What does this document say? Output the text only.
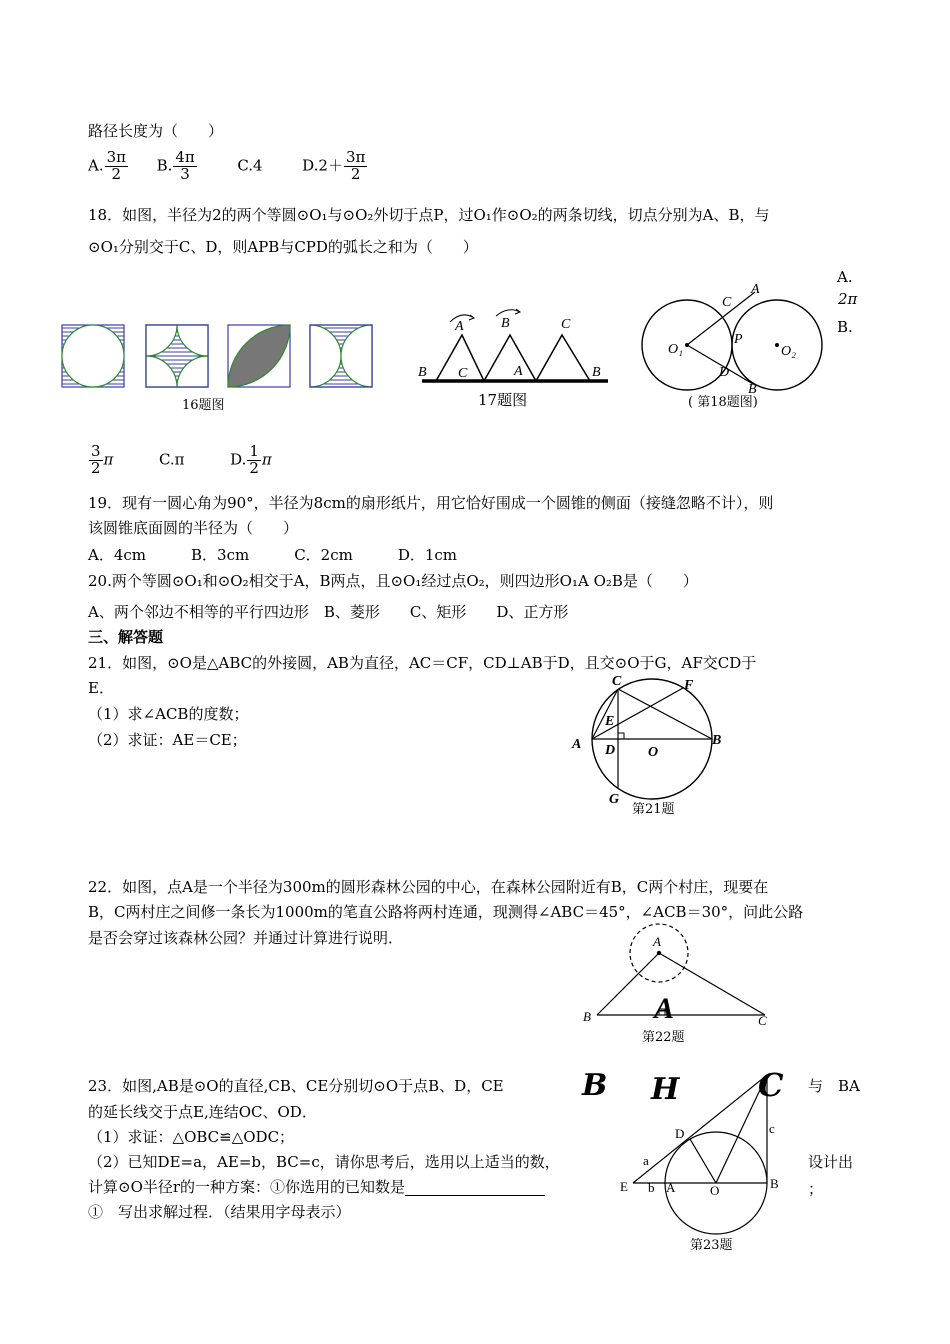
路径长度为（　　）
A. $\frac{3\pi}{2} B$. $\frac{4\pi}{3}$	C.4	$D.2+ \frac{3\pi}{2}$
18．如图，半径为2的两个等圆⊙O₁与⊙O₂外切于点P，过O₁作⊙O₂的两条切线，切点分别为A、B，与
⊙O₁分别交于C、D，则APB与CPD的弧长之和为（　　）
A.
2π
B.
16题图
A	B	C
B C	A	B
17题图
A
C
O₁
P
O₂
D
B
( 第18题图)
$\frac{3}{2}$ π	C.π	D. $\frac{1}{2}$ π
19．现有一圆心角为90°，半径为8cm的扇形纸片，用它恰好围成一个圆锥的侧面（接缝忽略不计），则
该圆锥底面圆的半径为（　　）
A．4cm　　　B．3cm　　　C．2cm　　　D．1cm
20.两个等圆⊙O₁和⊙O₂相交于A，B两点，且⊙O₁经过点O₂，则四边形O₁A O₂B是（　　）
A、两个邻边不相等的平行四边形　B、菱形　　C、矩形　　D、正方形
三、解答题
21．如图，⊙O是△ABC的外接圆，AB为直径，AC＝CF，CD⊥AB于D，且交⊙O于G，AF交CD于
E．
（1）求∠ACB的度数；
（2）求证：AE＝CE；
C	F
E
A D O
B
G
第21题
22．如图，点A是一个半径为300m的圆形森林公园的中心，在森林公园附近有B，C两个村庄，现要在
B，C两村庄之间修一条长为1000m的笔直公路将两村连通，现测得∠ABC＝45°，∠ACB＝30°，问此公路
是否会穿过该森林公园？并通过计算进行说明．	A
B	C
A
第22题
23．如图,AB是⊙O的直径,CB、CE分别切⊙O于点B、D，CE	与　BA
的延长线交于点E,连结OC、OD．
（1）求证：△OBC≌△ODC；
（2）已知DE=a，AE=b，BC=c，请你思考后，选用以上适当的数，	设计出
计算⊙O半径r的一种方案：①你选用的已知数是	；
①　写出求解过程．（结果用字母表示）
B H C
c
D
a
E b A	O	B
第23题
